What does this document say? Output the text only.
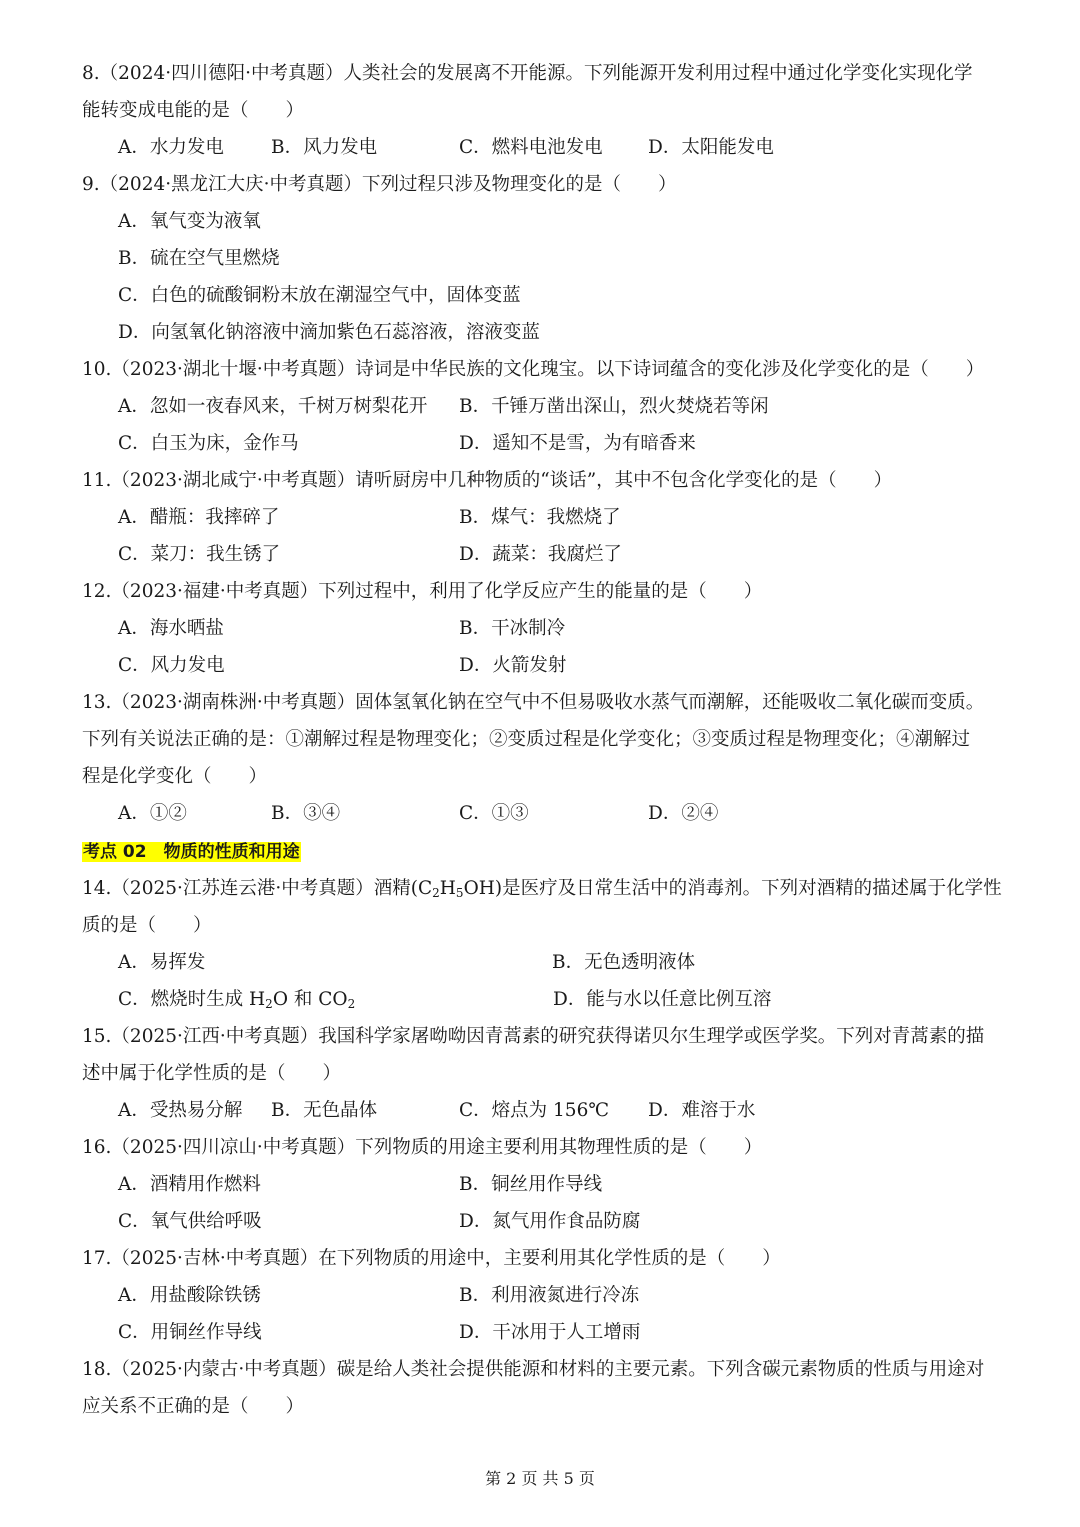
8.（2024·四川德阳·中考真题）人类社会的发展离不开能源。下列能源开发利用过程中通过化学变化实现化学
能转变成电能的是（　　）
A．水力发电	B．风力发电	C．燃料电池发电 D．太阳能发电
9.（2024·黑龙江大庆·中考真题）下列过程只涉及物理变化的是（　　）
A．氧气变为液氧
B．硫在空气里燃烧
C．白色的硫酸铜粉末放在潮湿空气中，固体变蓝
D．向氢氧化钠溶液中滴加紫色石蕊溶液，溶液变蓝
10.（2023·湖北十堰·中考真题）诗词是中华民族的文化瑰宝。以下诗词蕴含的变化涉及化学变化的是（　　）
A．忽如一夜春风来，千树万树梨花开 B．千锤万凿出深山，烈火焚烧若等闲
C．白玉为床，金作马	D．遥知不是雪，为有暗香来
11.（2023·湖北咸宁·中考真题）请听厨房中几种物质的“谈话”，其中不包含化学变化的是（　　）
A．醋瓶：我摔碎了	B．煤气：我燃烧了
C．菜刀：我生锈了	D．蔬菜：我腐烂了
12.（2023·福建·中考真题）下列过程中，利用了化学反应产生的能量的是（　　）
A．海水晒盐	B．干冰制冷
C．风力发电	D．火箭发射
13.（2023·湖南株洲·中考真题）固体氢氧化钠在空气中不但易吸收水蒸气而潮解，还能吸收二氧化碳而变质。
下列有关说法正确的是：①潮解过程是物理变化；②变质过程是化学变化；③变质过程是物理变化；④潮解过
程是化学变化（　　）
A．①②	B．③④	C．①③	D．②④
考点 02　物质的性质和用途
14.（2025·江苏连云港·中考真题）酒精$(C_2H_5OH)$是医疗及日常生活中的消毒剂。下列对酒精的描述属于化学性
质的是（　　）
A．易挥发	B．无色透明液体
C．燃烧时生成 $H_2O$ 和 $CO_2$	D．能与水以任意比例互溶
15.（2025·江西·中考真题）我国科学家屠呦呦因青蒿素的研究获得诺贝尔生理学或医学奖。下列对青蒿素的描
述中属于化学性质的是（　　）
A．受热易分解 B．无色晶体	C．熔点为 156℃ D．难溶于水
16.（2025·四川凉山·中考真题）下列物质的用途主要利用其物理性质的是（　　）
A．酒精用作燃料	B．铜丝用作导线
C．氧气供给呼吸	D．氮气用作食品防腐
17.（2025·吉林·中考真题）在下列物质的用途中，主要利用其化学性质的是（　　）
A．用盐酸除铁锈	B．利用液氮进行冷冻
C．用铜丝作导线	D．干冰用于人工增雨
18.（2025·内蒙古·中考真题）碳是给人类社会提供能源和材料的主要元素。下列含碳元素物质的性质与用途对
应关系不正确的是（　　）
第 2 页 共 5 页
